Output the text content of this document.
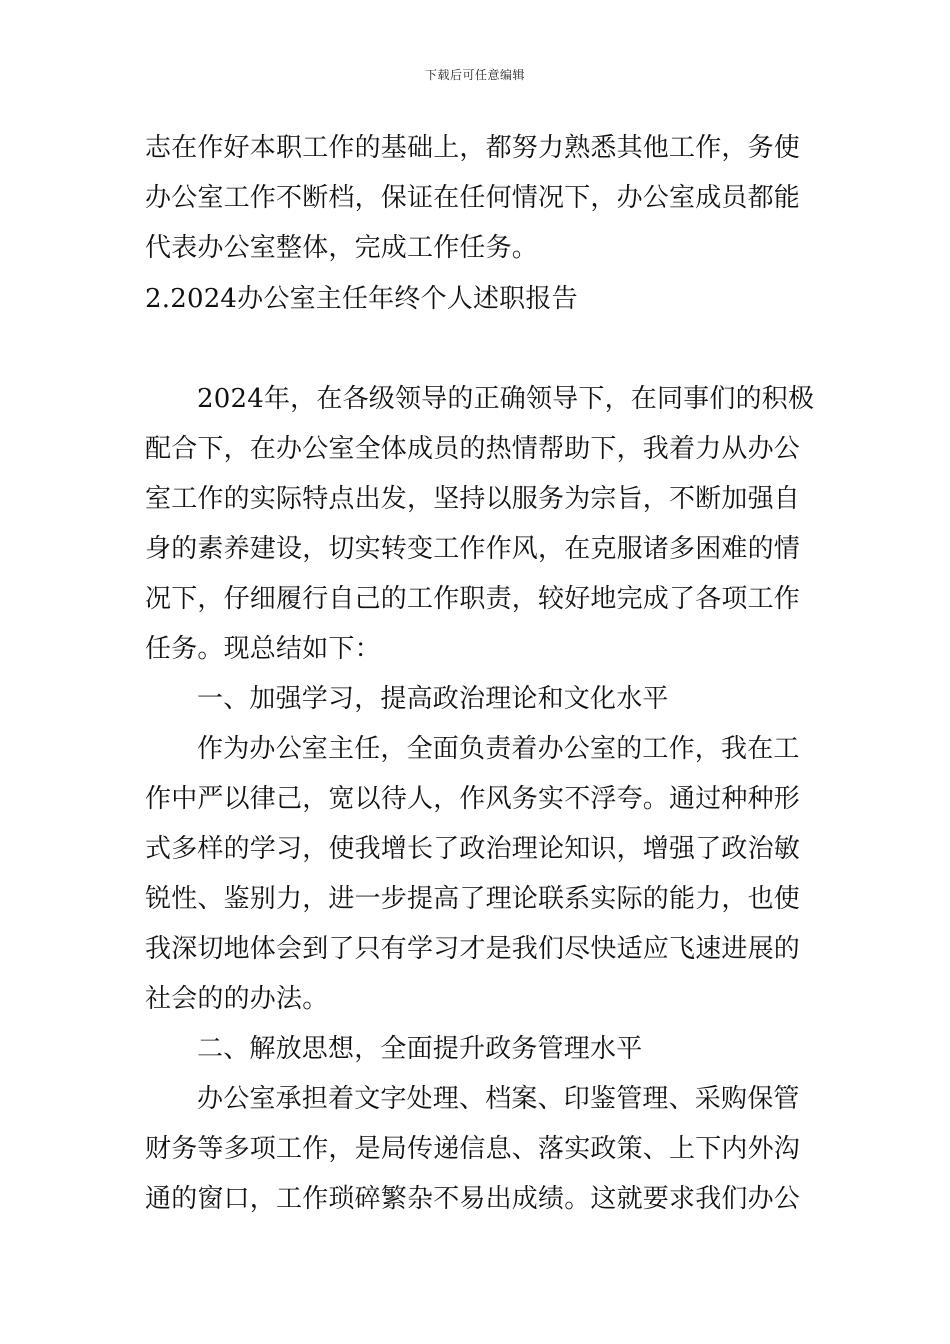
下载后可任意编辑
志在作好本职工作的基础上，都努力熟悉其他工作，务使
办公室工作不断档，保证在任何情况下，办公室成员都能
代表办公室整体，完成工作任务。
2.2024办公室主任年终个人述职报告
2024年，在各级领导的正确领导下，在同事们的积极
配合下，在办公室全体成员的热情帮助下，我着力从办公
室工作的实际特点出发，坚持以服务为宗旨，不断加强自
身的素养建设，切实转变工作作风，在克服诸多困难的情
况下，仔细履行自己的工作职责，较好地完成了各项工作
任务。现总结如下：
一、加强学习，提高政治理论和文化水平
作为办公室主任，全面负责着办公室的工作，我在工
作中严以律己，宽以待人，作风务实不浮夸。通过种种形
式多样的学习，使我增长了政治理论知识，增强了政治敏
锐性、鉴别力，进一步提高了理论联系实际的能力，也使
我深切地体会到了只有学习才是我们尽快适应飞速进展的
社会的的办法。
二、解放思想，全面提升政务管理水平
办公室承担着文字处理、档案、印鉴管理、采购保管
财务等多项工作，是局传递信息、落实政策、上下内外沟
通的窗口，工作琐碎繁杂不易出成绩。这就要求我们办公
